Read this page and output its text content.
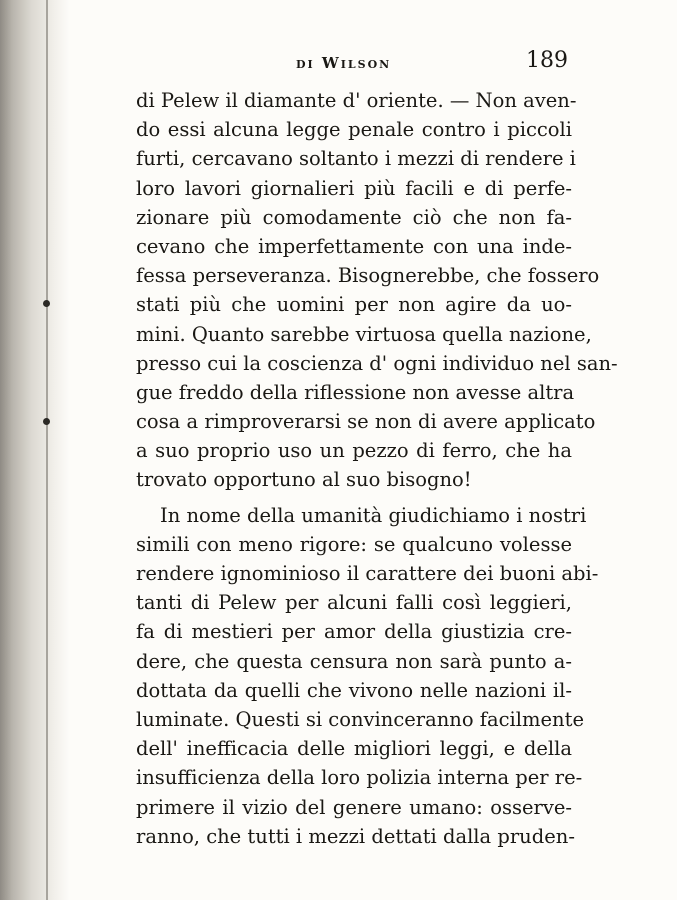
di Wilson	189
di Pelew il diamante d' oriente. — Non aven-
do essi alcuna legge penale contro i piccoli
furti, cercavano soltanto i mezzi di rendere i
loro lavori giornalieri più facili e di perfe-
zionare più comodamente ciò che non fa-
cevano che imperfettamente con una inde-
fessa perseveranza. Bisognerebbe, che fossero
stati più che uomini per non agire da uo-
mini. Quanto sarebbe virtuosa quella nazione,
presso cui la coscienza d' ogni individuo nel san-
gue freddo della riflessione non avesse altra
cosa a rimproverarsi se non di avere applicato
a suo proprio uso un pezzo di ferro, che ha
trovato opportuno al suo bisogno!
In nome della umanità giudichiamo i nostri
simili con meno rigore: se qualcuno volesse
rendere ignominioso il carattere dei buoni abi-
tanti di Pelew per alcuni falli così leggieri,
fa di mestieri per amor della giustizia cre-
dere, che questa censura non sarà punto a-
dottata da quelli che vivono nelle nazioni il-
luminate. Questi si convinceranno facilmente
dell' inefficacia delle migliori leggi, e della
insufficienza della loro polizia interna per re-
primere il vizio del genere umano: osserve-
ranno, che tutti i mezzi dettati dalla pruden-
